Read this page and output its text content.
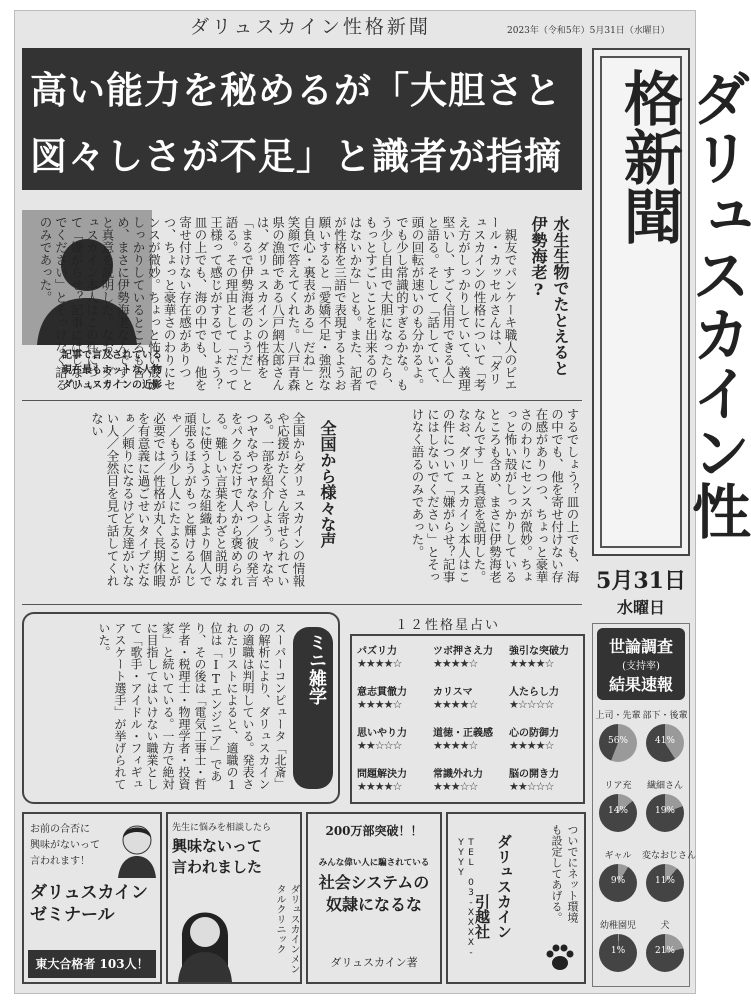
ダリュスカイン性格新聞	2023年（令和5年）5月31日（水曜日）
高い能力を秘めるが「大胆さと
図々しさが不足」と識者が指摘	ダリュスカイン性格新聞
5月31日
水曜日
記事で言及されている
現在最もホットな人物
ダリュスカインの近影
水生生物でたとえると伊勢海老?
　親友でパンケーキ職人のピエール・カッセルさんは、「ダリュスカインの性格について「考え方がしっかりしていて、義理堅いし、すごく信用できる人」と語る。そして「話していて、頭の回転が速いのも分かるよ。でも少し常識的すぎるかな。もう少し自由で大胆になったら、もっとすごいことを出来るのではないかな」とも。また、記者が性格を三語で表現するようお願いすると「愛嬌不足・強烈な自負心・裏表がある」だね」と笑顔で答えてくれた。八戸青森県の漁師である八戸網太郎さんは、ダリュスカインの性格を「まるで伊勢海老のようだ」と語る。その理由として「だって王様って感じがするでしょう？皿の上でも、海の中でも、他を寄せ付けない存在感がありつつ、ちょっと豪華さのわりにセンスが微妙。ちょっと怖い殻がしっかりしているところも含め、まさに伊勢海老なんです」と真意を説明した。なお、ダリュスカイン本人はこの件について「嫌がらせ？記事にはしないでください」とそっけなく語るのみであった。
するでしょう？皿の上でも、海の中でも、他を寄せ付けない存在感がありつつ、ちょっと豪華さのわりにセンスが微妙。ちょっと怖い殻がしっかりしているところも含め、まさに伊勢海老なんです」と真意を説明した。なお、ダリュスカイン本人はこの件について「嫌がらせ？記事にはしないでください」とそっけなく語るのみであった。
全国から様々な声
全国からダリュスカインの情報や応援がたくさん寄せられている。一部を紹介しよう。ヤなやつヤなやつヤなやつ／彼の発言をパクるだけで人から褒められる。難しい言葉をわざと説明なしに使うような組織より個人で頑張るほうがもっと輝けるんじゃ／もう少し人にたよることが必要では／性格が丸く長期休暇を有意義に過ごせいタイプだなぁ／頼りになるけど友達がいない人／全然目を見て話してくれない
ミニ雑学
スーパーコンピュータ「北斎」の解析により、ダリュスカインの適職は判明している。発表されたリストによると、適職の1位は「ITエンジニア」であり、その後は「電気工事士・哲学者・税理士・物理学者・投資家」と続いている。一方で絶対に目指してはいけない職業として「歌手・アイドル・フィギュアスケート選手」が挙げられていた。	１２性格星占い
パズリ力
★★★★☆
ツボ押さえ力
★★★★☆
強引な突破力
★★★★☆
意志貫徹力
★★★★☆
カリスマ
★★★★☆
人たらし力
★☆☆☆☆
思いやり力
★★☆☆☆
道徳・正義感
★★★★☆
心の防御力
★★★★☆
問題解決力
★★★★☆
常識外れ力
★★★☆☆
脳の開き力
★★☆☆☆
世論調査
(支持率)
結果速報
上司・先輩
56%
部下・後輩
41%
リア充
14%
繊細さん
19%
ギャル
9%
変なおじさん
11%
幼稚園児
1%
犬
21%
お前の合否に
興味がないって
言われます！
ダリュスカイン
ゼミナール
東大合格者 103人！
先生に悩みを相談したら
興味ないって
言われました
ダリュスカインメンタルクリニック
200万部突破！！
みんな偉い人に騙されている
社会システムの
奴隷になるな
ダリュスカイン著
TEL 03-XXXX-YYYY	ついでにネット環境も設定してあげる。
ダリュスカイン
引越社
